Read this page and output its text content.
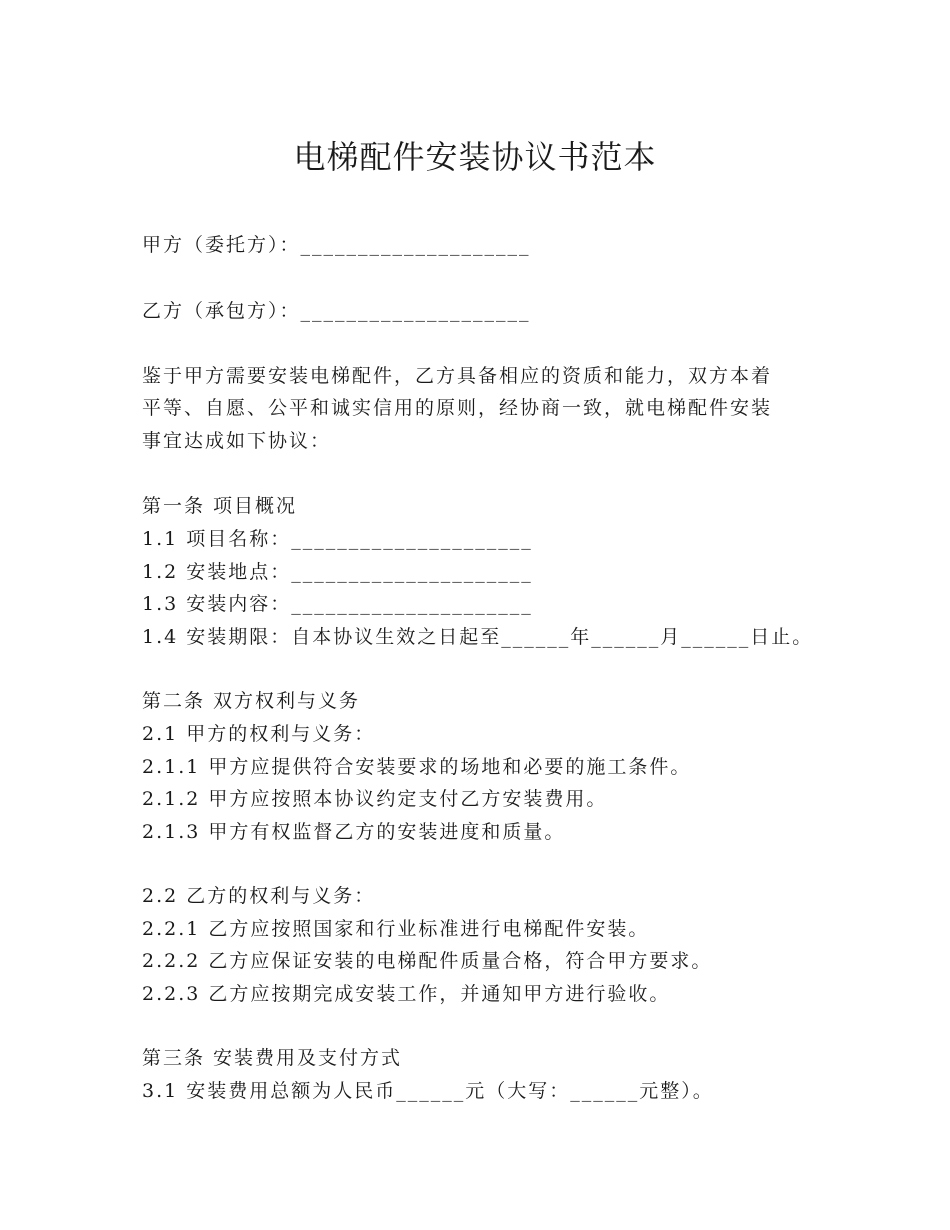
电梯配件安装协议书范本
甲方（委托方）：____________________
乙方（承包方）：____________________
鉴于甲方需要安装电梯配件，乙方具备相应的资质和能力，双方本着
平等、自愿、公平和诚实信用的原则，经协商一致，就电梯配件安装
事宜达成如下协议：
第一条 项目概况
1.1 项目名称：_____________________
1.2 安装地点：_____________________
1.3 安装内容：_____________________
1.4 安装期限：自本协议生效之日起至______年______月______日止。
第二条 双方权利与义务
2.1 甲方的权利与义务：
2.1.1 甲方应提供符合安装要求的场地和必要的施工条件。
2.1.2 甲方应按照本协议约定支付乙方安装费用。
2.1.3 甲方有权监督乙方的安装进度和质量。
2.2 乙方的权利与义务：
2.2.1 乙方应按照国家和行业标准进行电梯配件安装。
2.2.2 乙方应保证安装的电梯配件质量合格，符合甲方要求。
2.2.3 乙方应按期完成安装工作，并通知甲方进行验收。
第三条 安装费用及支付方式
3.1 安装费用总额为人民币______元（大写：______元整）。
